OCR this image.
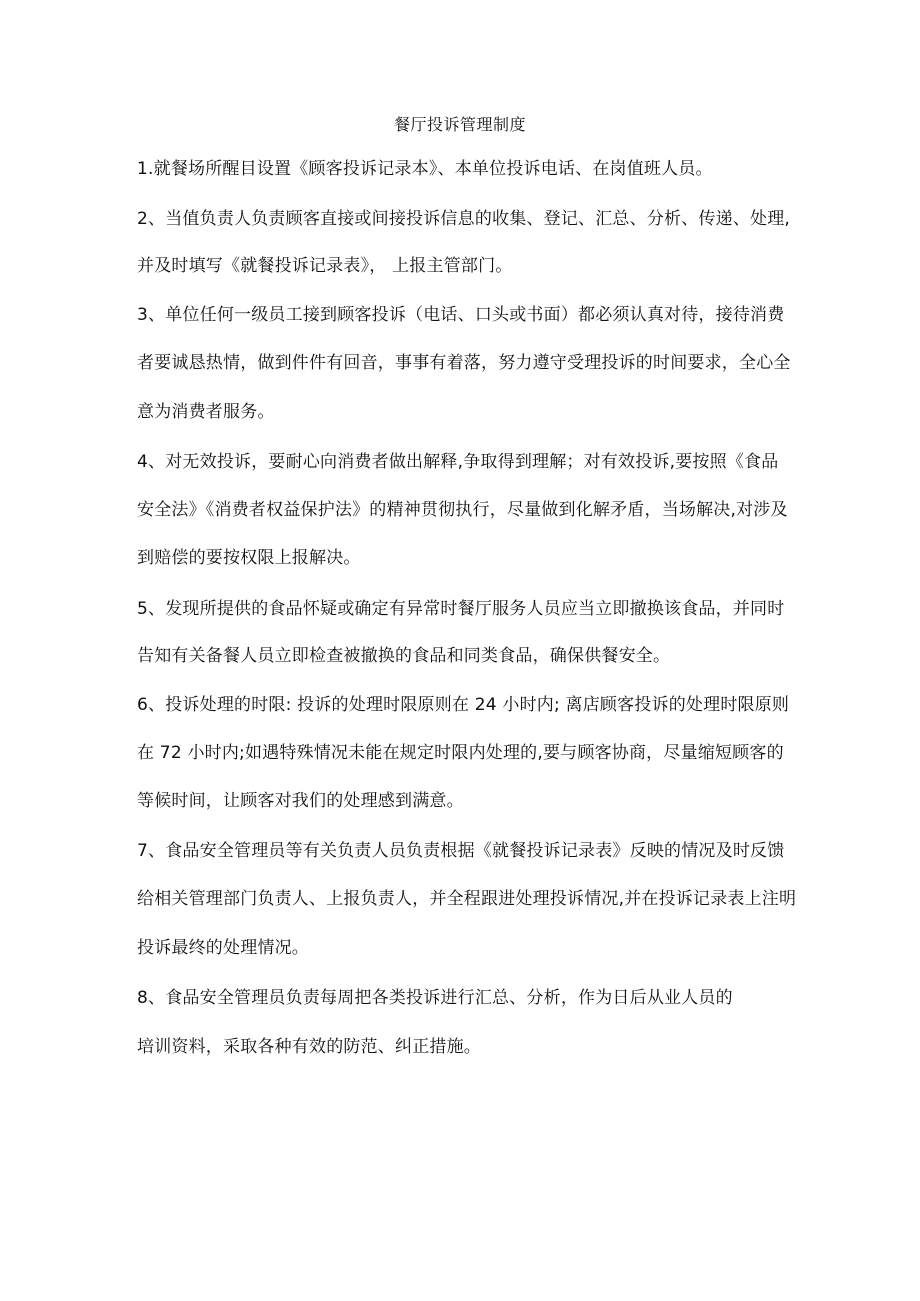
餐厅投诉管理制度
1.就餐场所醒目设置《顾客投诉记录本》、本单位投诉电话、在岗值班人员。
2、当值负责人负责顾客直接或间接投诉信息的收集、登记、汇总、分析、传递、处理,
并及时填写《就餐投诉记录表》， 上报主管部门。
3、单位任何一级员工接到顾客投诉（电话、口头或书面）都必须认真对待，接待消费
者要诚恳热情，做到件件有回音，事事有着落，努力遵守受理投诉的时间要求，全心全
意为消费者服务。
4、对无效投诉，要耐心向消费者做出解释,争取得到理解；对有效投诉,要按照《食品
安全法》《消费者权益保护法》的精神贯彻执行，尽量做到化解矛盾，当场解决,对涉及
到赔偿的要按权限上报解决。
5、发现所提供的食品怀疑或确定有异常时餐厅服务人员应当立即撤换该食品，并同时
告知有关备餐人员立即检查被撤换的食品和同类食品，确保供餐安全。
6、投诉处理的时限: 投诉的处理时限原则在 24 小时内; 离店顾客投诉的处理时限原则
在 72 小时内;如遇特殊情况未能在规定时限内处理的,要与顾客协商，尽量缩短顾客的
等候时间，让顾客对我们的处理感到满意。
7、食品安全管理员等有关负责人员负责根据《就餐投诉记录表》反映的情况及时反馈
给相关管理部门负责人、上报负责人，并全程跟进处理投诉情况,并在投诉记录表上注明
投诉最终的处理情况。
8、食品安全管理员负责每周把各类投诉进行汇总、分析，作为日后从业人员的
培训资料，采取各种有效的防范、纠正措施。
